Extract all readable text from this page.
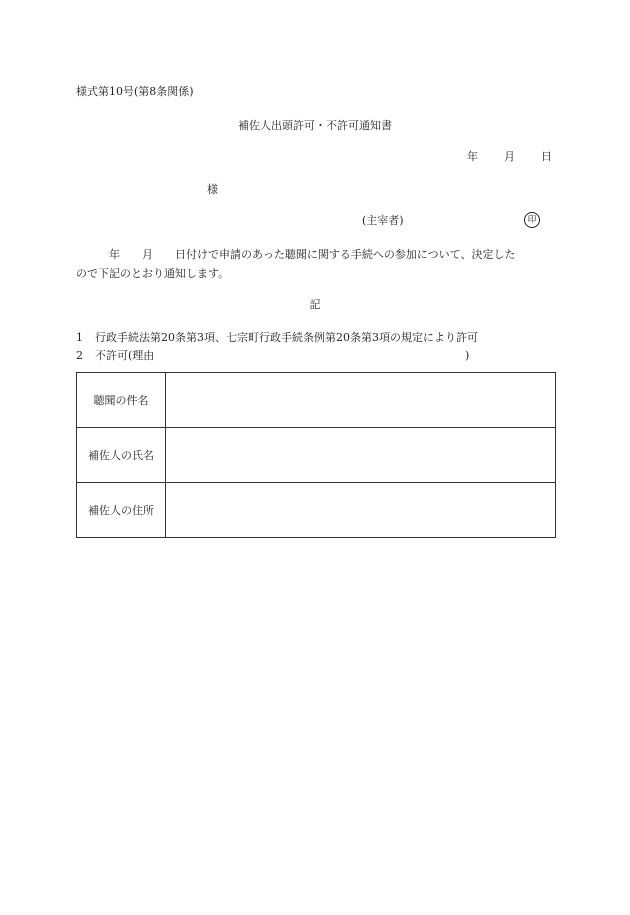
様式第10号(第8条関係)
補佐人出頭許可・不許可通知書
年 月 日
様
(主宰者)	印
年　　月　　日付けで申請のあった聴聞に関する手続への参加について、決定した
ので下記のとおり通知します。
記
1 行政手続法第20条第3項、七宗町行政手続条例第20条第3項の規定により許可
2 不許可(理由	)
聴聞の件名	
補佐人の氏名	
補佐人の住所	
